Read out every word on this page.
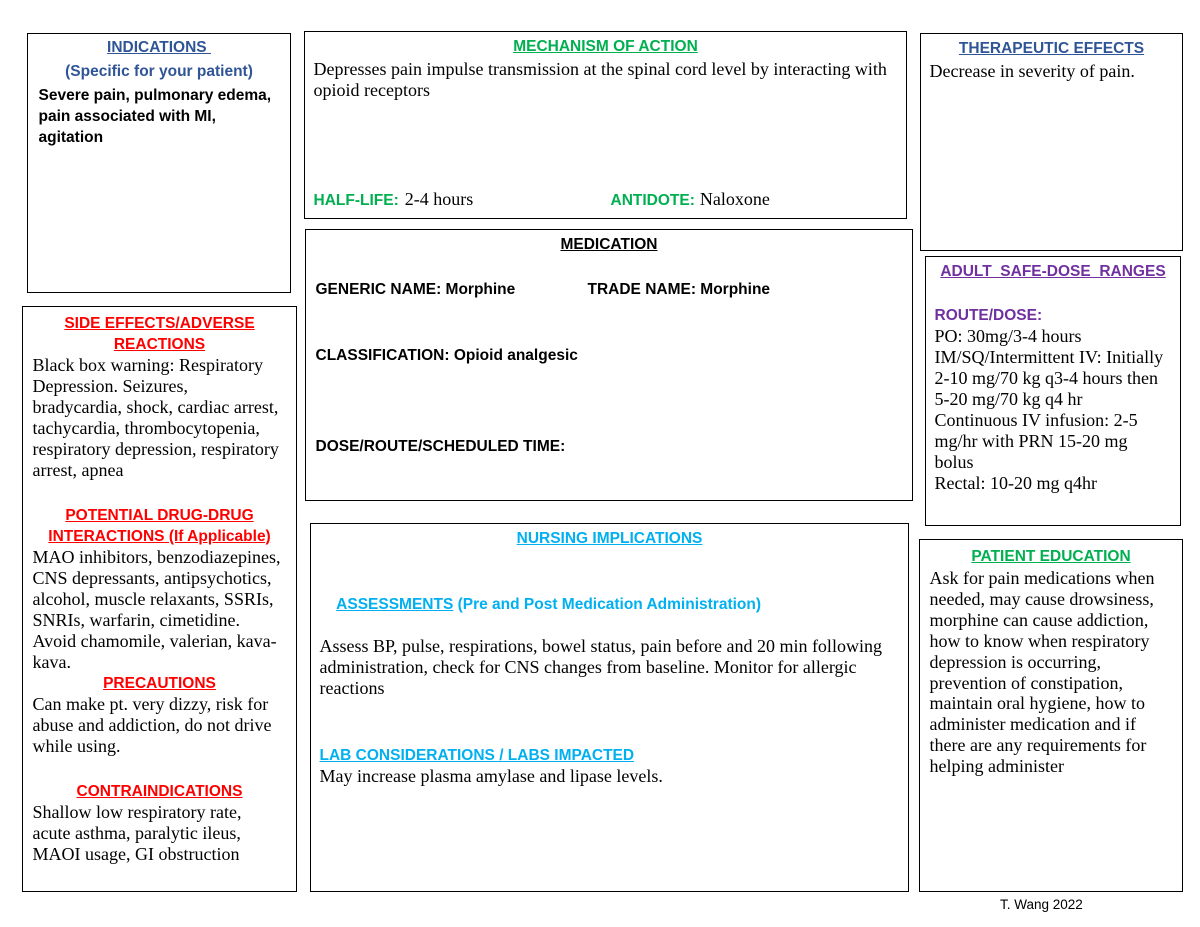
INDICATIONS
(Specific for your patient)
Severe pain, pulmonary edema,
pain associated with MI,
agitation
MECHANISM OF ACTION
Depresses pain impulse transmission at the spinal cord level by interacting with
opioid receptors
HALF-LIFE: 2-4 hours	ANTIDOTE: Naloxone
THERAPEUTIC EFFECTS
Decrease in severity of pain.
MEDICATION
GENERIC NAME: Morphine	TRADE NAME: Morphine
CLASSIFICATION: Opioid analgesic
DOSE/ROUTE/SCHEDULED TIME:
ADULT  SAFE-DOSE  RANGES
ROUTE/DOSE:
PO: 30mg/3-4 hours
IM/SQ/Intermittent IV: Initially
2-10 mg/70 kg q3-4 hours then
5-20 mg/70 kg q4 hr
Continuous IV infusion: 2-5
mg/hr with PRN 15-20 mg
bolus
Rectal: 10-20 mg q4hr
SIDE EFFECTS/ADVERSE
REACTIONS
Black box warning: Respiratory
Depression. Seizures,
bradycardia, shock, cardiac arrest,
tachycardia, thrombocytopenia,
respiratory depression, respiratory
arrest, apnea
POTENTIAL DRUG-DRUG
INTERACTIONS (If Applicable)
MAO inhibitors, benzodiazepines,
CNS depressants, antipsychotics,
alcohol, muscle relaxants, SSRIs,
SNRIs, warfarin, cimetidine.
Avoid chamomile, valerian, kava-
kava.
PRECAUTIONS
Can make pt. very dizzy, risk for
abuse and addiction, do not drive
while using.
CONTRAINDICATIONS
Shallow low respiratory rate,
acute asthma, paralytic ileus,
MAOI usage, GI obstruction
NURSING IMPLICATIONS

ASSESSMENTS (Pre and Post Medication Administration)

Assess BP, pulse, respirations, bowel status, pain before and 20 min following
administration, check for CNS changes from baseline. Monitor for allergic
reactions
LAB CONSIDERATIONS / LABS IMPACTED
May increase plasma amylase and lipase levels.
PATIENT EDUCATION
Ask for pain medications when
needed, may cause drowsiness,
morphine can cause addiction,
how to know when respiratory
depression is occurring,
prevention of constipation,
maintain oral hygiene, how to
administer medication and if
there are any requirements for
helping administer
T. Wang 2022
